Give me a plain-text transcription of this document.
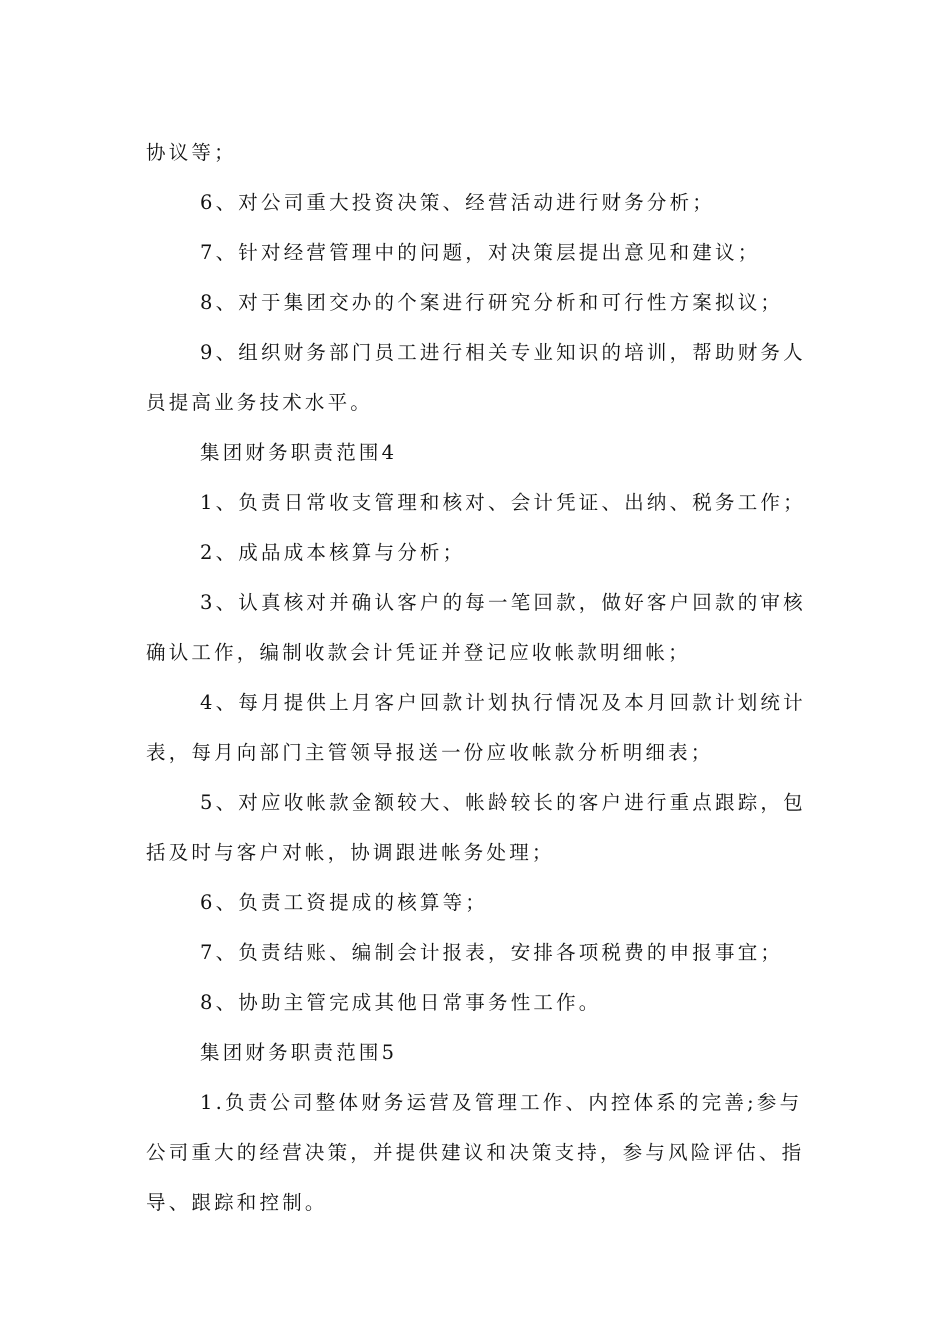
协议等；

6、对公司重大投资决策、经营活动进行财务分析；

7、针对经营管理中的问题，对决策层提出意见和建议；

8、对于集团交办的个案进行研究分析和可行性方案拟议；

9、组织财务部门员工进行相关专业知识的培训，帮助财务人员提高业务技术水平。

集团财务职责范围4

1、负责日常收支管理和核对、会计凭证、出纳、税务工作；

2、成品成本核算与分析；

3、认真核对并确认客户的每一笔回款，做好客户回款的审核确认工作，编制收款会计凭证并登记应收帐款明细帐；

4、每月提供上月客户回款计划执行情况及本月回款计划统计表，每月向部门主管领导报送一份应收帐款分析明细表；

5、对应收帐款金额较大、帐龄较长的客户进行重点跟踪，包括及时与客户对帐，协调跟进帐务处理；

6、负责工资提成的核算等；

7、负责结账、编制会计报表，安排各项税费的申报事宜；

8、协助主管完成其他日常事务性工作。

集团财务职责范围5

1.负责公司整体财务运营及管理工作、内控体系的完善;参与公司重大的经营决策，并提供建议和决策支持，参与风险评估、指导、跟踪和控制。
